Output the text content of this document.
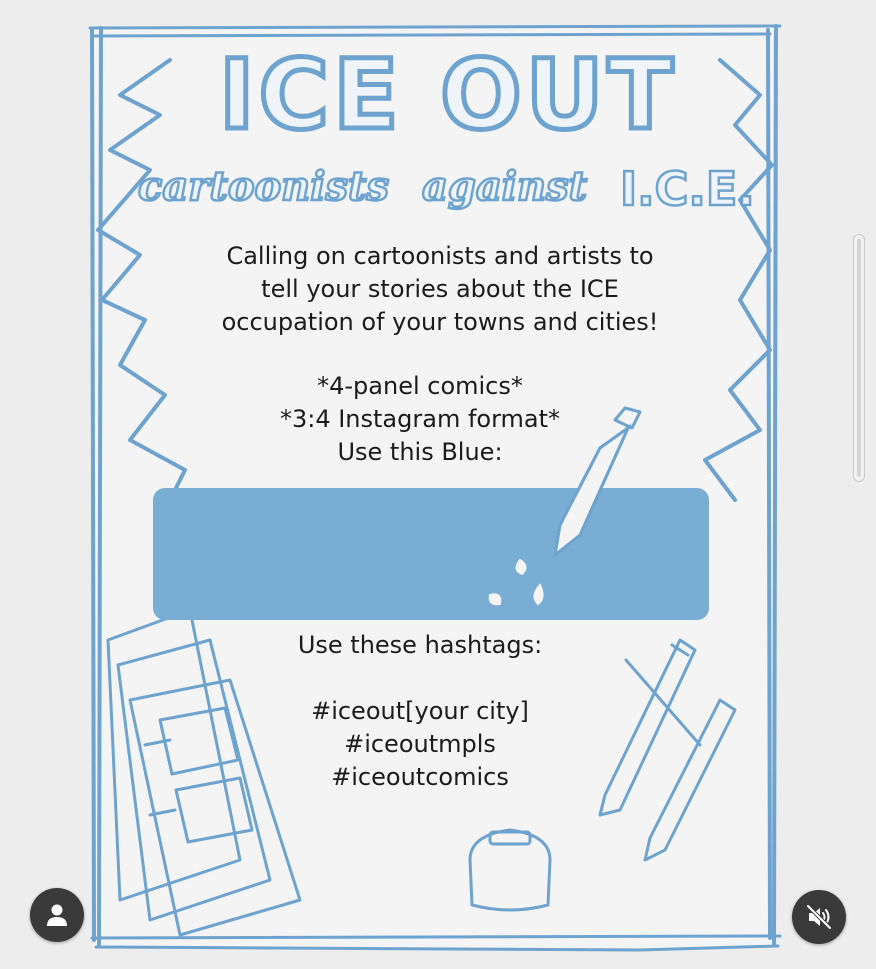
ICE OUT
cartoonists against I.C.E.
Calling on cartoonists and artists to
tell your stories about the ICE
occupation of your towns and cities!
*4-panel comics*
*3:4 Instagram format*
Use this Blue:
Use these hashtags:
#iceout[your city]
#iceoutmpls
#iceoutcomics
